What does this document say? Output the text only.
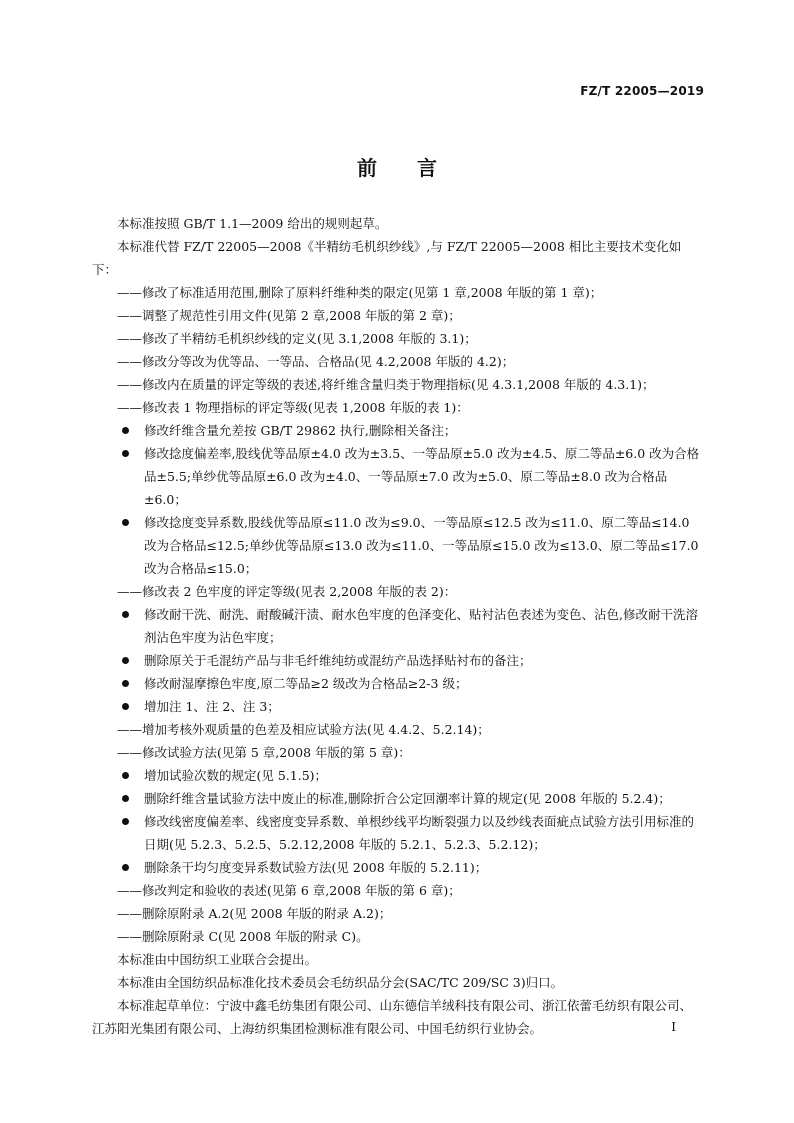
FZ/T 22005—2019
前 言

本标准按照 GB/T 1.1—2009 给出的规则起草。

本标准代替 FZ/T 22005—2008《半精纺毛机织纱线》,与 FZ/T 22005—2008 相比主要技术变化如下：

——修改了标准适用范围,删除了原料纤维种类的限定(见第 1 章,2008 年版的第 1 章)；

——调整了规范性引用文件(见第 2 章,2008 年版的第 2 章)；

——修改了半精纺毛机织纱线的定义(见 3.1,2008 年版的 3.1)；

——修改分等改为优等品、一等品、合格品(见 4.2,2008 年版的 4.2)；

——修改内在质量的评定等级的表述,将纤维含量归类于物理指标(见 4.3.1,2008 年版的 4.3.1)；

——修改表 1 物理指标的评定等级(见表 1,2008 年版的表 1)：

修改纤维含量允差按 GB/T 29862 执行,删除相关备注；

修改捻度偏差率,股线优等品原±4.0 改为±3.5、一等品原±5.0 改为±4.5、原二等品±6.0 改为合格品±5.5;单纱优等品原±6.0 改为±4.0、一等品原±7.0 改为±5.0、原二等品±8.0 改为合格品±6.0；

修改捻度变异系数,股线优等品原≤11.0 改为≤9.0、一等品原≤12.5 改为≤11.0、原二等品≤14.0 改为合格品≤12.5;单纱优等品原≤13.0 改为≤11.0、一等品原≤15.0 改为≤13.0、原二等品≤17.0 改为合格品≤15.0；

——修改表 2 色牢度的评定等级(见表 2,2008 年版的表 2)：

修改耐干洗、耐洗、耐酸碱汗渍、耐水色牢度的色泽变化、贴衬沾色表述为变色、沾色,修改耐干洗溶剂沾色牢度为沾色牢度；

删除原关于毛混纺产品与非毛纤维纯纺或混纺产品选择贴衬布的备注；

修改耐湿摩擦色牢度,原二等品≥2 级改为合格品≥2-3 级；

增加注 1、注 2、注 3；

——增加考核外观质量的色差及相应试验方法(见 4.4.2、5.2.14)；

——修改试验方法(见第 5 章,2008 年版的第 5 章)：

增加试验次数的规定(见 5.1.5)；

删除纤维含量试验方法中废止的标准,删除折合公定回潮率计算的规定(见 2008 年版的 5.2.4)；

修改线密度偏差率、线密度变异系数、单根纱线平均断裂强力以及纱线表面疵点试验方法引用标准的日期(见 5.2.3、5.2.5、5.2.12,2008 年版的 5.2.1、5.2.3、5.2.12)；

删除条干均匀度变异系数试验方法(见 2008 年版的 5.2.11)；

——修改判定和验收的表述(见第 6 章,2008 年版的第 6 章)；

——删除原附录 A.2(见 2008 年版的附录 A.2)；

——删除原附录 C(见 2008 年版的附录 C)。

本标准由中国纺织工业联合会提出。

本标准由全国纺织品标准化技术委员会毛纺织品分会(SAC/TC 209/SC 3)归口。

本标准起草单位：宁波中鑫毛纺集团有限公司、山东德信羊绒科技有限公司、浙江依蕾毛纺织有限公司、江苏阳光集团有限公司、上海纺织集团检测标准有限公司、中国毛纺织行业协会。	I
